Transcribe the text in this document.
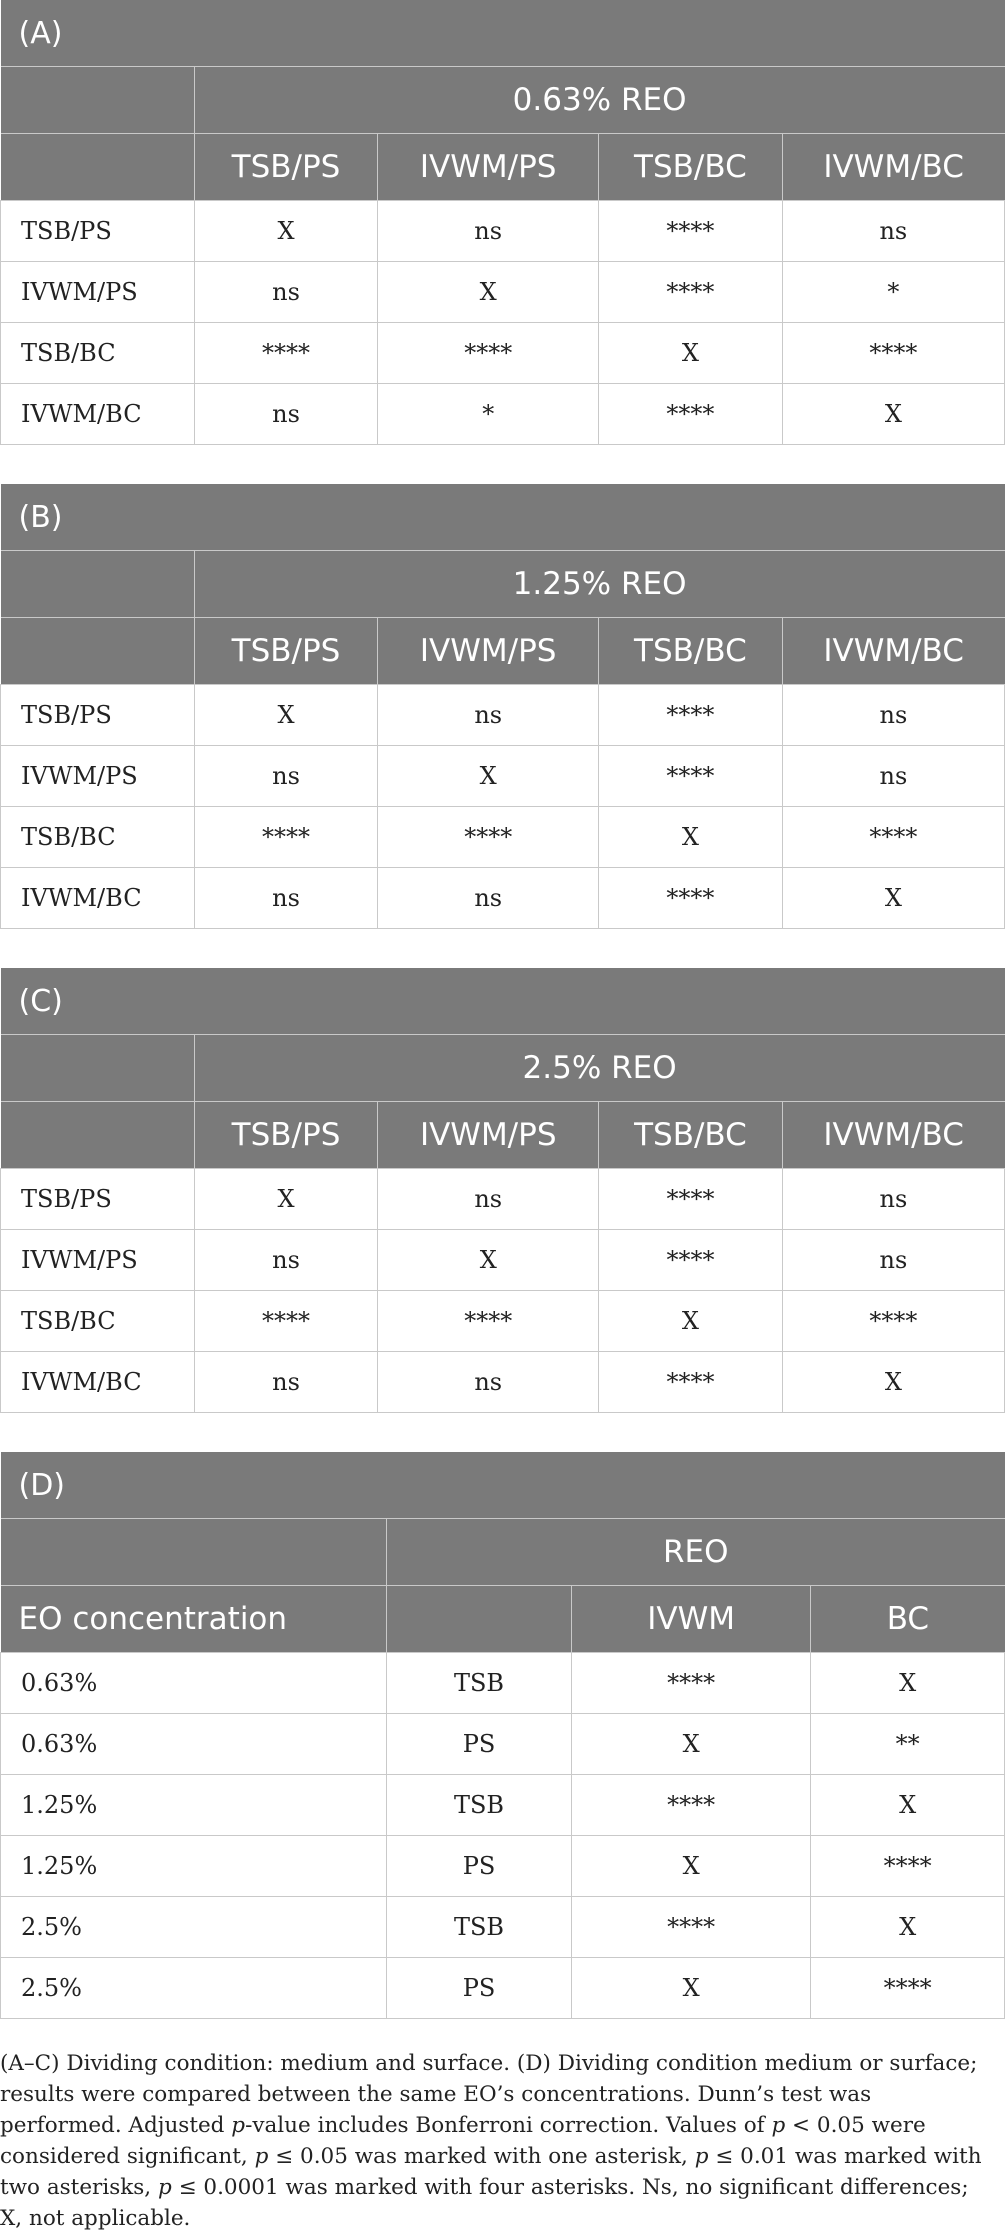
(A)				
	0.63% REO			
	TSB/PS	IVWM/PS	TSB/BC	IVWM/BC
TSB/PS	X	ns	****	ns
IVWM/PS	ns	X	****	*
TSB/BC	****	****	X	****
IVWM/BC	ns	*	****	X
(B)				
	1.25% REO			
	TSB/PS	IVWM/PS	TSB/BC	IVWM/BC
TSB/PS	X	ns	****	ns
IVWM/PS	ns	X	****	ns
TSB/BC	****	****	X	****
IVWM/BC	ns	ns	****	X
(C)				
	2.5% REO			
	TSB/PS	IVWM/PS	TSB/BC	IVWM/BC
TSB/PS	X	ns	****	ns
IVWM/PS	ns	X	****	ns
TSB/BC	****	****	X	****
IVWM/BC	ns	ns	****	X
(D)			
	REO		
EO concentration		IVWM	BC
0.63%	TSB	****	X
0.63%	PS	X	**
1.25%	TSB	****	X
1.25%	PS	X	****
2.5%	TSB	****	X
2.5%	PS	X	****
(A–C) Dividing condition: medium and surface. (D) Dividing condition medium or surface; results were compared between the same EO’s concentrations. Dunn’s test was performed. Adjusted p-value includes Bonferroni correction. Values of p < 0.05 were considered significant, p ≤ 0.05 was marked with one asterisk, p ≤ 0.01 was marked with two asterisks, p ≤ 0.0001 was marked with four asterisks. Ns, no significant differences; X, not applicable.
